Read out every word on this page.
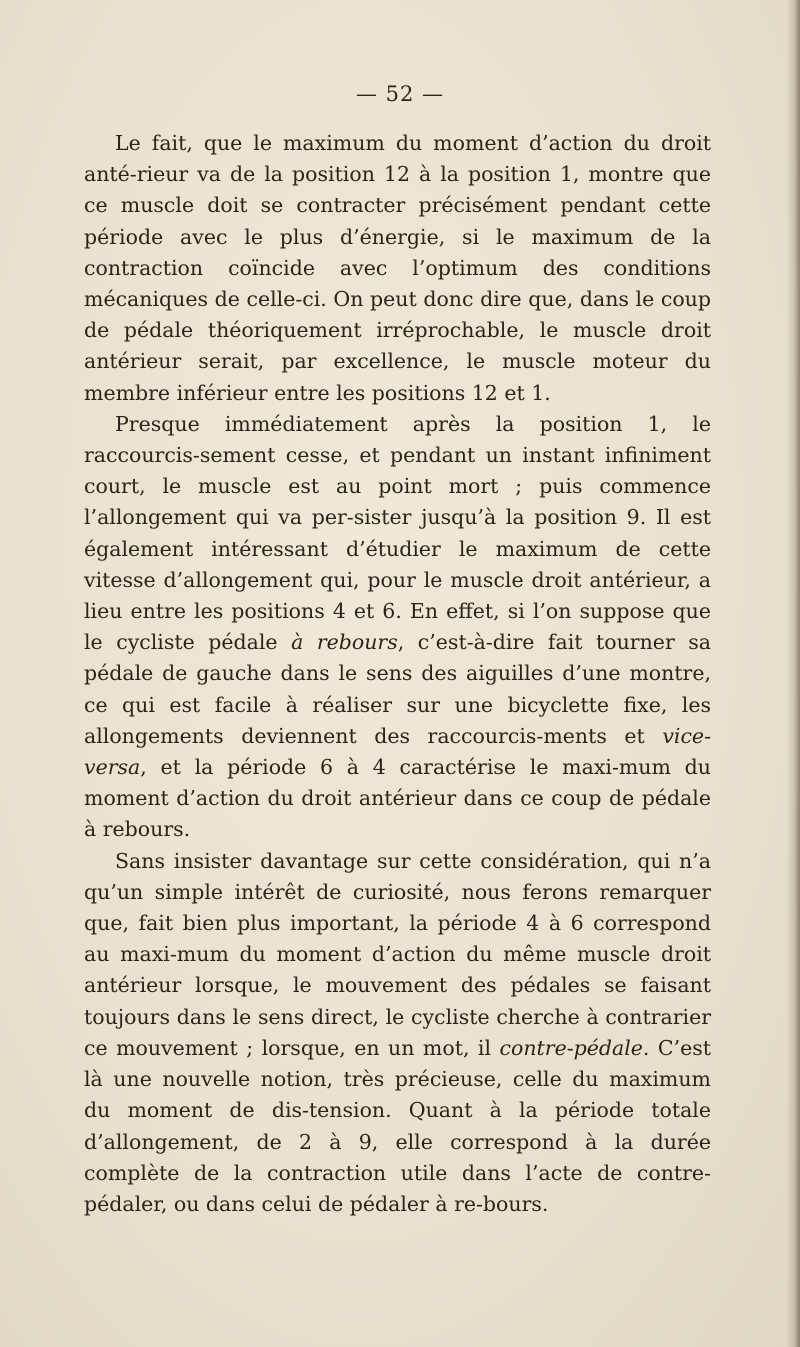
— 52 —

Le fait, que le maximum du moment d’action du droit anté-rieur va de la position 12 à la position 1, montre que ce muscle doit se contracter précisément pendant cette période avec le plus d’énergie, si le maximum de la contraction coïncide avec l’optimum des conditions mécaniques de celle-ci. On peut donc dire que, dans le coup de pédale théoriquement irréprochable, le muscle droit antérieur serait, par excellence, le muscle moteur du membre inférieur entre les positions 12 et 1.

Presque immédiatement après la position 1, le raccourcis-sement cesse, et pendant un instant infiniment court, le muscle est au point mort ; puis commence l’allongement qui va per-sister jusqu’à la position 9. Il est également intéressant d’étudier le maximum de cette vitesse d’allongement qui, pour le muscle droit antérieur, a lieu entre les positions 4 et 6. En effet, si l’on suppose que le cycliste pédale à rebours, c’est-à-dire fait tourner sa pédale de gauche dans le sens des aiguilles d’une montre, ce qui est facile à réaliser sur une bicyclette fixe, les allongements deviennent des raccourcis-ments et vice-versa, et la période 6 à 4 caractérise le maxi-mum du moment d’action du droit antérieur dans ce coup de pédale à rebours.

Sans insister davantage sur cette considération, qui n’a qu’un simple intérêt de curiosité, nous ferons remarquer que, fait bien plus important, la période 4 à 6 correspond au maxi-mum du moment d’action du même muscle droit antérieur lorsque, le mouvement des pédales se faisant toujours dans le sens direct, le cycliste cherche à contrarier ce mouvement ; lorsque, en un mot, il contre-pédale. C’est là une nouvelle notion, très précieuse, celle du maximum du moment de dis-tension. Quant à la période totale d’allongement, de 2 à 9, elle correspond à la durée complète de la contraction utile dans l’acte de contre-pédaler, ou dans celui de pédaler à re-bours.
